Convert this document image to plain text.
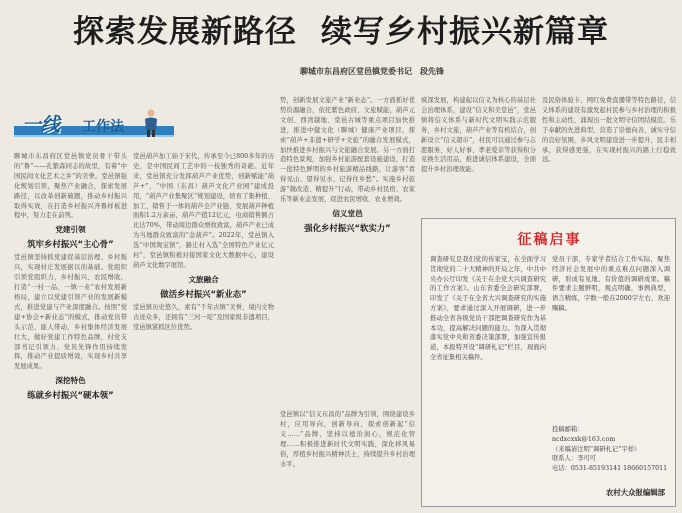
探索发展新路径 续写乡村振兴新篇章
聊城市东昌府区堂邑镇党委书记　段先锋
一线 工作法
聊城市东昌府区堂邑镇党员骨干带头的“鲁”——孔繁森同志的故里，有着“中国民间文化艺术之乡”的美誉。堂邑镇强化规划引领，聚焦产业融合，探索发展路径，以改革创新破题，推动乡村振兴取得实效，在打造乡村振兴齐鲁样板进程中，努力走在前列。
党建引领
筑牢乡村振兴“主心骨”
堂邑镇坚持抓党建促基层治理、乡村振兴，实现村庄发展据以的基础。党组织引领党组织力，乡村振兴、农民增收，打造“一村一品、一镇一业”农村发展新格局，建立以党建引领产业的发展新模式，推进党建与产业深度融合。按照“党建+协会+新业态”的模式，推动党员带头示范、能人带动，乡村集体经济发展壮大，做好党建工作特色品牌，村党支部书记引领力、党员先锋作用持续发挥，推动产业提质增效，实现乡村共享发展成果。
深挖特色
练就乡村振兴“硬本领”
堂邑葫芦加工始于宋代，传承至今已800多年的历史，是中国民间工艺中的一枝独秀的奇葩。近年来，堂邑镇充分发挥葫芦产业优势，创新赋能“葫芦+”，“中国（东昌）葫芦文化产业园”建成投用，“葫芦产业集聚区”规划建设，培育了集种植、加工、销售于一体的葫芦全产业链，发展葫芦种植面积1.2万余亩，葫芦产值12亿元，电商销售额占比达70%，带动周边群众增收致富，葫芦产业已成为当地群众致富的“金葫芦”。2022年，堂邑镇入选“中国淘宝镇”，路庄村入选“全国特色产业亿元村”，堂邑镇积极对接国家文化大数据中心，建设葫芦文化数字展馆。
文旅融合
做活乡村振兴“新业态”
堂邑镇历史悠久，素有“千年古镇”美誉，境内文物古迹众多，还拥有“三河一堤”及国家级非遗项目，堂邑镇紧抓区位优势。
势，创新发展文旅产业“新业态”。一方面抓好优势资源融合，依托紫色政府，文旅赋能，葫芦元文创、西湾越地、堂邑古城等重点项目加快推进，推进中健文化（聊城）健康产业项目，探索“葫芦+非遗+研学+文旅”的融合发展模式，加快推进乡村振兴与文旅融合发展。另一方面打造特色景观，加强乡村旅游配套设施建设，打造一批特色鲜明的乡村旅游精品线路，让游客“看得见山、望得见水、记得住乡愁”。实施乡村旅游“微改造、精提升”行动，带动乡村民宿、农家乐等新业态发展，促进农民增收、农业增效。
信义堂邑
强化乡村振兴“软实力”
堂邑镇以“信义东昌的”品牌为引领，围绕建设乡村，应用导向，创新导向，探索创新起“信义……”品牌，坚持以德治润心，规范化管理……积极推进新时代文明实践，深化移风易俗，厚植乡村振兴精神沃土，持续提升乡村治理水平。
疯深发展，构建起以信义为核心的基层社会治理体系，建设“信义和美堂邑”，堂邑镇将信义体系与新时代文明实践示范服务，乡村文旅，葫芦产业等有机结合，创新设立“信义超市”，村民可以通过参与志愿服务、好人好事、孝老爱亲等获得积分兑换生活用品，推进诚信体系建设，全面提升乡村治理效能。
及民俗体验卡，网红免费直播带等特色路径，信义体系的建设有激发起村民参与乡村治理的积极性和主动性，涌现出一批文明守信团结模范。乐于奉献的先进典型，营造了崇德向善、诚实守信的良好氛围，乡风文明建设进一步提升，民丰相承，获得感更强，在实现村振兴的路上行稳致远。
征稿启事
调查研究是我们党的传家宝，在全面学习贯彻党的二十大精神的开局之年，中共中央办公厅印发《关于在全党大兴调查研究的工作方案》。山东省委全会研究部署，印发了《关于在全省大兴调查研究的实施方案》，要求通过深入开展调研，进一步推动全省各级党员干部把调查研究作为基本功，提高解决问题的能力。为深入贯彻落实党中央和省委决策部署，加强宣传报道，本报特开设“调研札记”栏目，现面向全省征集相关稿件。
党员干部，专家学者结合工作实际，聚焦经济社会发展中的重点难点问题深入调研，形成有见地、有价值的调研成果。稿件要求主题鲜明，观点明确，事例典型，语言精练，字数一般在2000字左右，欢迎赐稿。
投稿邮箱：
ncdxcxxk@163.com
（来稿请注明“调研札记”字样）
联系人：李可可
电话：0531-85193141 18660157011
农村大众报编辑部
